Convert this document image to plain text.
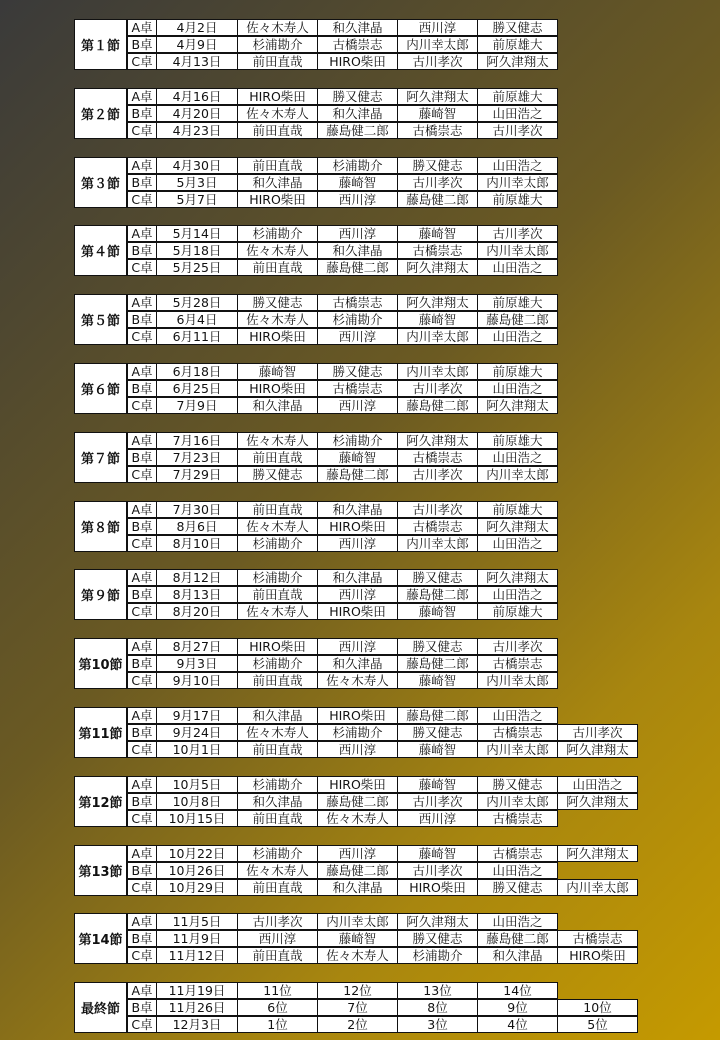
第１節
A卓	4月2日	佐々木寿人	和久津晶	西川淳	勝又健志
B卓	4月9日	杉浦勘介	古橋崇志	内川幸太郎	前原雄大
C卓	4月13日	前田直哉	HIRO柴田	古川孝次	阿久津翔太
第２節
A卓	4月16日	HIRO柴田	勝又健志	阿久津翔太	前原雄大
B卓	4月20日	佐々木寿人	和久津晶	藤崎智	山田浩之
C卓	4月23日	前田直哉	藤島健二郎	古橋崇志	古川孝次
第３節
A卓	4月30日	前田直哉	杉浦勘介	勝又健志	山田浩之
B卓	5月3日	和久津晶	藤崎智	古川孝次	内川幸太郎
C卓	5月7日	HIRO柴田	西川淳	藤島健二郎	前原雄大
第４節
A卓	5月14日	杉浦勘介	西川淳	藤崎智	古川孝次
B卓	5月18日	佐々木寿人	和久津晶	古橋崇志	内川幸太郎
C卓	5月25日	前田直哉	藤島健二郎	阿久津翔太	山田浩之
第５節
A卓	5月28日	勝又健志	古橋崇志	阿久津翔太	前原雄大
B卓	6月4日	佐々木寿人	杉浦勘介	藤崎智	藤島健二郎
C卓	6月11日	HIRO柴田	西川淳	内川幸太郎	山田浩之
第６節
A卓	6月18日	藤崎智	勝又健志	内川幸太郎	前原雄大
B卓	6月25日	HIRO柴田	古橋崇志	古川孝次	山田浩之
C卓	7月9日	和久津晶	西川淳	藤島健二郎	阿久津翔太
第７節
A卓	7月16日	佐々木寿人	杉浦勘介	阿久津翔太	前原雄大
B卓	7月23日	前田直哉	藤崎智	古橋崇志	山田浩之
C卓	7月29日	勝又健志	藤島健二郎	古川孝次	内川幸太郎
第８節
A卓	7月30日	前田直哉	和久津晶	古川孝次	前原雄大
B卓	8月6日	佐々木寿人	HIRO柴田	古橋崇志	阿久津翔太
C卓	8月10日	杉浦勘介	西川淳	内川幸太郎	山田浩之
第９節
A卓	8月12日	杉浦勘介	和久津晶	勝又健志	阿久津翔太
B卓	8月13日	前田直哉	西川淳	藤島健二郎	山田浩之
C卓	8月20日	佐々木寿人	HIRO柴田	藤崎智	前原雄大
第10節
A卓	8月27日	HIRO柴田	西川淳	勝又健志	古川孝次
B卓	9月3日	杉浦勘介	和久津晶	藤島健二郎	古橋崇志
C卓	9月10日	前田直哉	佐々木寿人	藤崎智	内川幸太郎
第11節
A卓	9月17日	和久津晶	HIRO柴田	藤島健二郎	山田浩之
B卓	9月24日	佐々木寿人	杉浦勘介	勝又健志	古橋崇志	古川孝次
C卓	10月1日	前田直哉	西川淳	藤崎智	内川幸太郎	阿久津翔太
第12節
A卓	10月5日	杉浦勘介	HIRO柴田	藤崎智	勝又健志	山田浩之
B卓	10月8日	和久津晶	藤島健二郎	古川孝次	内川幸太郎	阿久津翔太
C卓	10月15日	前田直哉	佐々木寿人	西川淳	古橋崇志
第13節
A卓	10月22日	杉浦勘介	西川淳	藤崎智	古橋崇志	阿久津翔太
B卓	10月26日	佐々木寿人	藤島健二郎	古川孝次	山田浩之
C卓	10月29日	前田直哉	和久津晶	HIRO柴田	勝又健志	内川幸太郎
第14節
A卓	11月5日	古川孝次	内川幸太郎	阿久津翔太	山田浩之
B卓	11月9日	西川淳	藤崎智	勝又健志	藤島健二郎	古橋崇志
C卓	11月12日	前田直哉	佐々木寿人	杉浦勘介	和久津晶	HIRO柴田
最終節
A卓	11月19日	11位	12位	13位	14位
B卓	11月26日	6位	7位	8位	9位	10位
C卓	12月3日	1位	2位	3位	4位	5位
